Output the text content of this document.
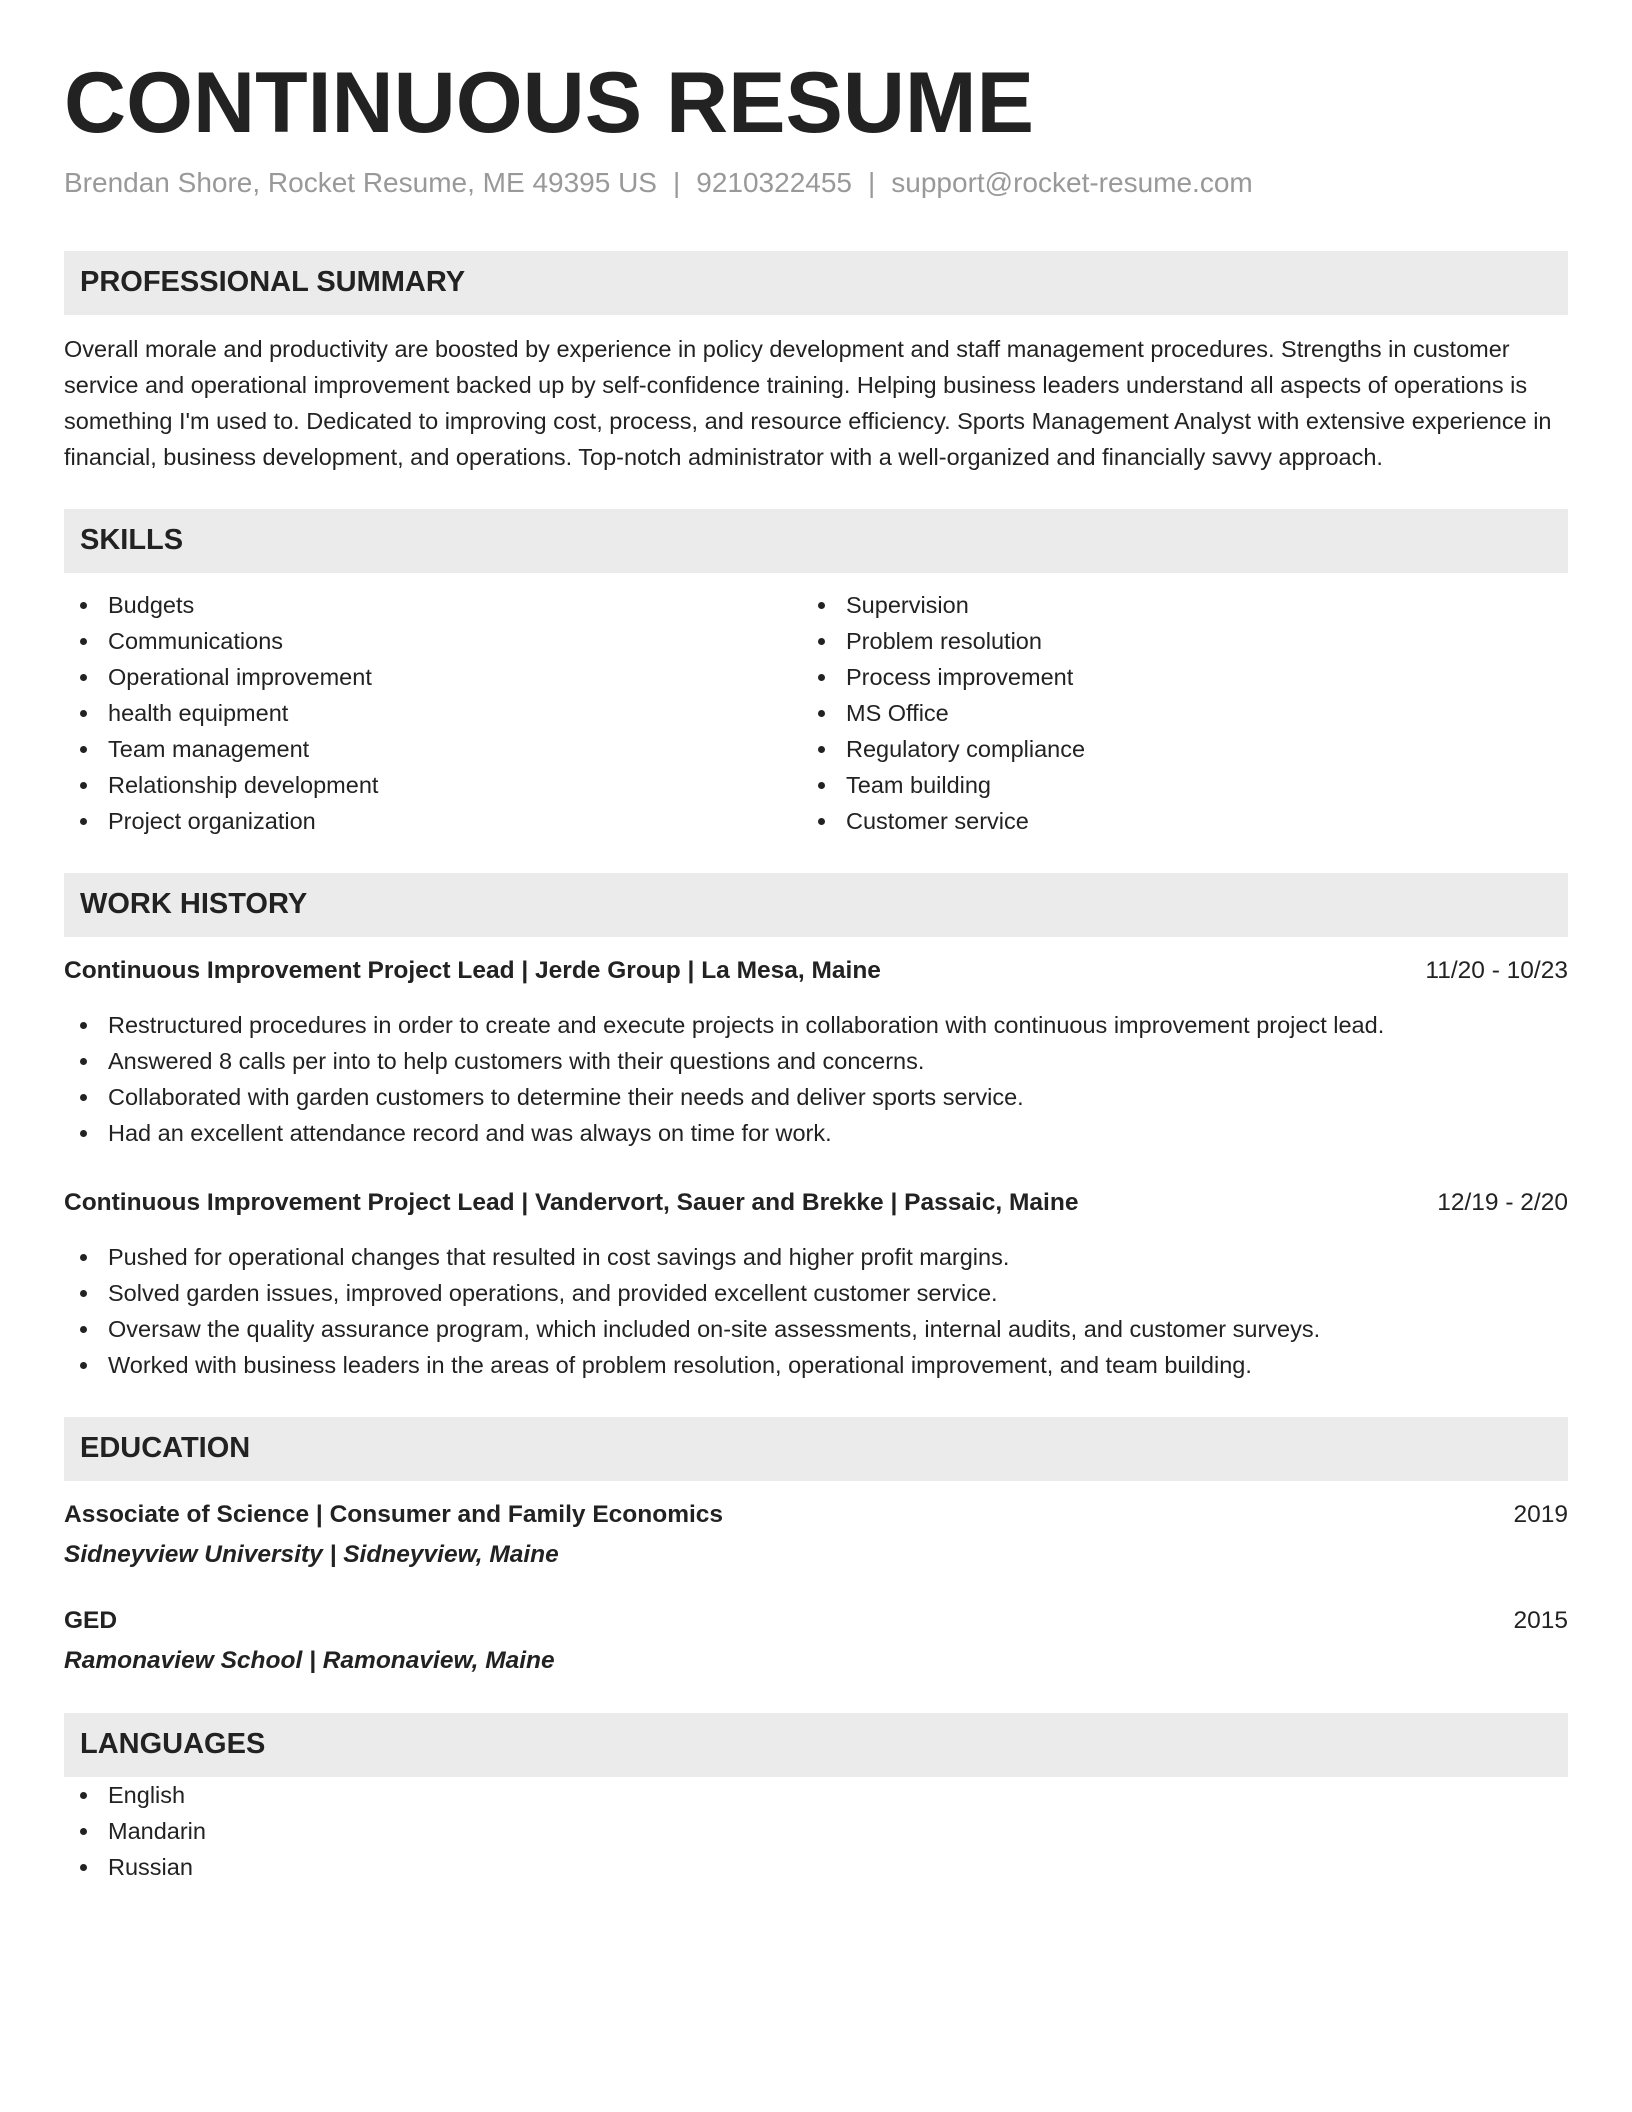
CONTINUOUS RESUME
Brendan Shore, Rocket Resume, ME 49395 US | 9210322455 | support@rocket-resume.com
PROFESSIONAL SUMMARY
Overall morale and productivity are boosted by experience in policy development and staff management procedures. Strengths in customer service and operational improvement backed up by self-confidence training. Helping business leaders understand all aspects of operations is something I'm used to. Dedicated to improving cost, process, and resource efficiency. Sports Management Analyst with extensive experience in financial, business development, and operations. Top-notch administrator with a well-organized and financially savvy approach.
SKILLS
Budgets
Communications
Operational improvement
health equipment
Team management
Relationship development
Project organization
Supervision
Problem resolution
Process improvement
MS Office
Regulatory compliance
Team building
Customer service
WORK HISTORY
Continuous Improvement Project Lead | Jerde Group | La Mesa, Maine	11/20 - 10/23
Restructured procedures in order to create and execute projects in collaboration with continuous improvement project lead.
Answered 8 calls per into to help customers with their questions and concerns.
Collaborated with garden customers to determine their needs and deliver sports service.
Had an excellent attendance record and was always on time for work.
Continuous Improvement Project Lead | Vandervort, Sauer and Brekke | Passaic, Maine	12/19 - 2/20
Pushed for operational changes that resulted in cost savings and higher profit margins.
Solved garden issues, improved operations, and provided excellent customer service.
Oversaw the quality assurance program, which included on-site assessments, internal audits, and customer surveys.
Worked with business leaders in the areas of problem resolution, operational improvement, and team building.
EDUCATION
Associate of Science | Consumer and Family Economics	2019
Sidneyview University | Sidneyview, Maine
GED	2015
Ramonaview School | Ramonaview, Maine
LANGUAGES
English
Mandarin
Russian
